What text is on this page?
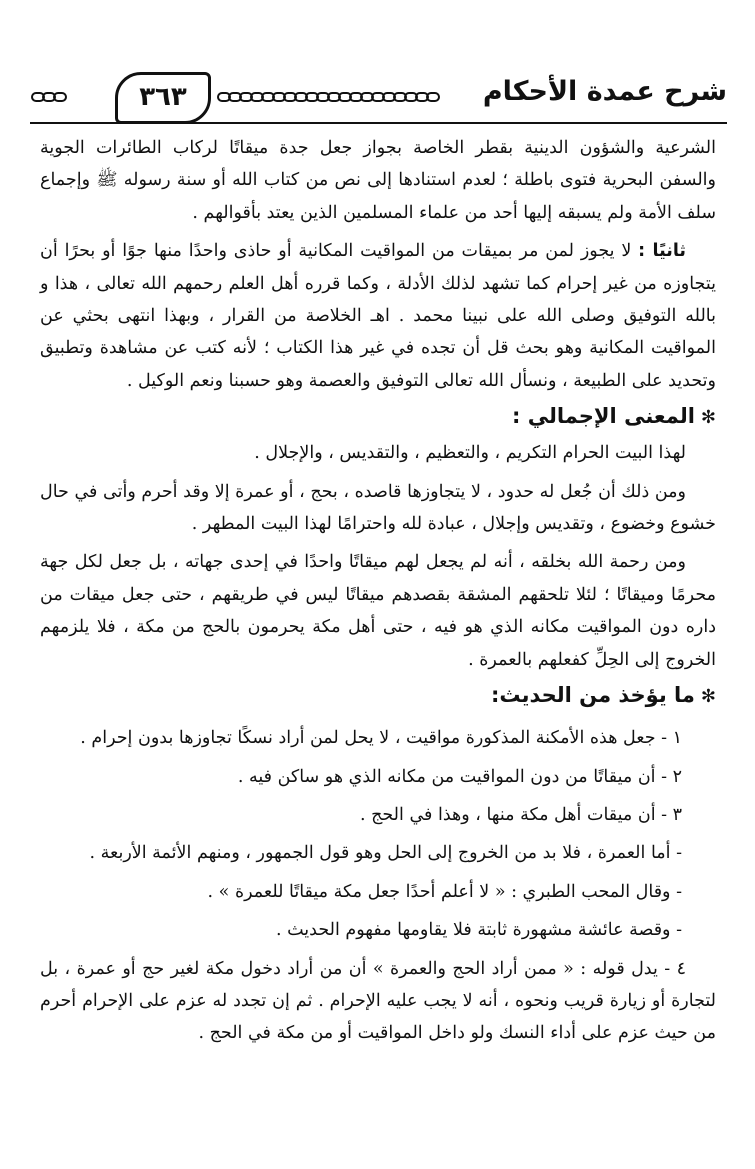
شرح عمدة الأحكام
٣٦٣

الشرعية والشؤون الدينية بقطر الخاصة بجواز جعل جدة ميقاتًا لركاب الطائرات الجوية والسفن البحرية فتوى باطلة ؛ لعدم استنادها إلى نص من كتاب الله أو سنة رسوله ﷺ وإجماع سلف الأمة ولم يسبقه إليها أحد من علماء المسلمين الذين يعتد بأقوالهم .

ثانيًا : لا يجوز لمن مر بميقات من المواقيت المكانية أو حاذى واحدًا منها جوًا أو بحرًا أن يتجاوزه من غير إحرام كما تشهد لذلك الأدلة ، وكما قرره أهل العلم رحمهم الله تعالى ، هذا و بالله التوفيق وصلى الله على نبينا محمد . اهـ الخلاصة من القرار ، وبهذا انتهى بحثي عن المواقيت المكانية وهو بحث قل أن تجده في غير هذا الكتاب ؛ لأنه كتب عن مشاهدة وتطبيق وتحديد على الطبيعة ، ونسأل الله تعالى التوفيق والعصمة وهو حسبنا ونعم الوكيل .

✻المعنى الإجمالي :

لهذا البيت الحرام التكريم ، والتعظيم ، والتقديس ، والإجلال .

ومن ذلك أن جُعل له حدود ، لا يتجاوزها قاصده ، بحج ، أو عمرة إلا وقد أحرم وأتى في حال خشوع وخضوع ، وتقديس وإجلال ، عبادة لله واحترامًا لهذا البيت المطهر .

ومن رحمة الله بخلقه ، أنه لم يجعل لهم ميقاتًا واحدًا في إحدى جهاته ، بل جعل لكل جهة محرمًا وميقاتًا ؛ لئلا تلحقهم المشقة بقصدهم ميقاتًا ليس في طريقهم ، حتى جعل ميقات من داره دون المواقيت مكانه الذي هو فيه ، حتى أهل مكة يحرمون بالحج من مكة ، فلا يلزمهم الخروج إلى الحِلِّ كفعلهم بالعمرة .

✻ما يؤخذ من الحديث:

١ - جعل هذه الأمكنة المذكورة مواقيت ، لا يحل لمن أراد نسكًا تجاوزها بدون إحرام .

٢ - أن ميقاتًا من دون المواقيت من مكانه الذي هو ساكن فيه .

٣ - أن ميقات أهل مكة منها ، وهذا في الحج .

- أما العمرة ، فلا بد من الخروج إلى الحل وهو قول الجمهور ، ومنهم الأئمة الأربعة .

- وقال المحب الطبري : « لا أعلم أحدًا جعل مكة ميقاتًا للعمرة » .

- وقصة عائشة مشهورة ثابتة فلا يقاومها مفهوم الحديث .

٤ - يدل قوله : « ممن أراد الحج والعمرة » أن من أراد دخول مكة لغير حج أو عمرة ، بل لتجارة أو زيارة قريب ونحوه ، أنه لا يجب عليه الإحرام . ثم إن تجدد له عزم على الإحرام أحرم من حيث عزم على أداء النسك ولو داخل المواقيت أو من مكة في الحج .
